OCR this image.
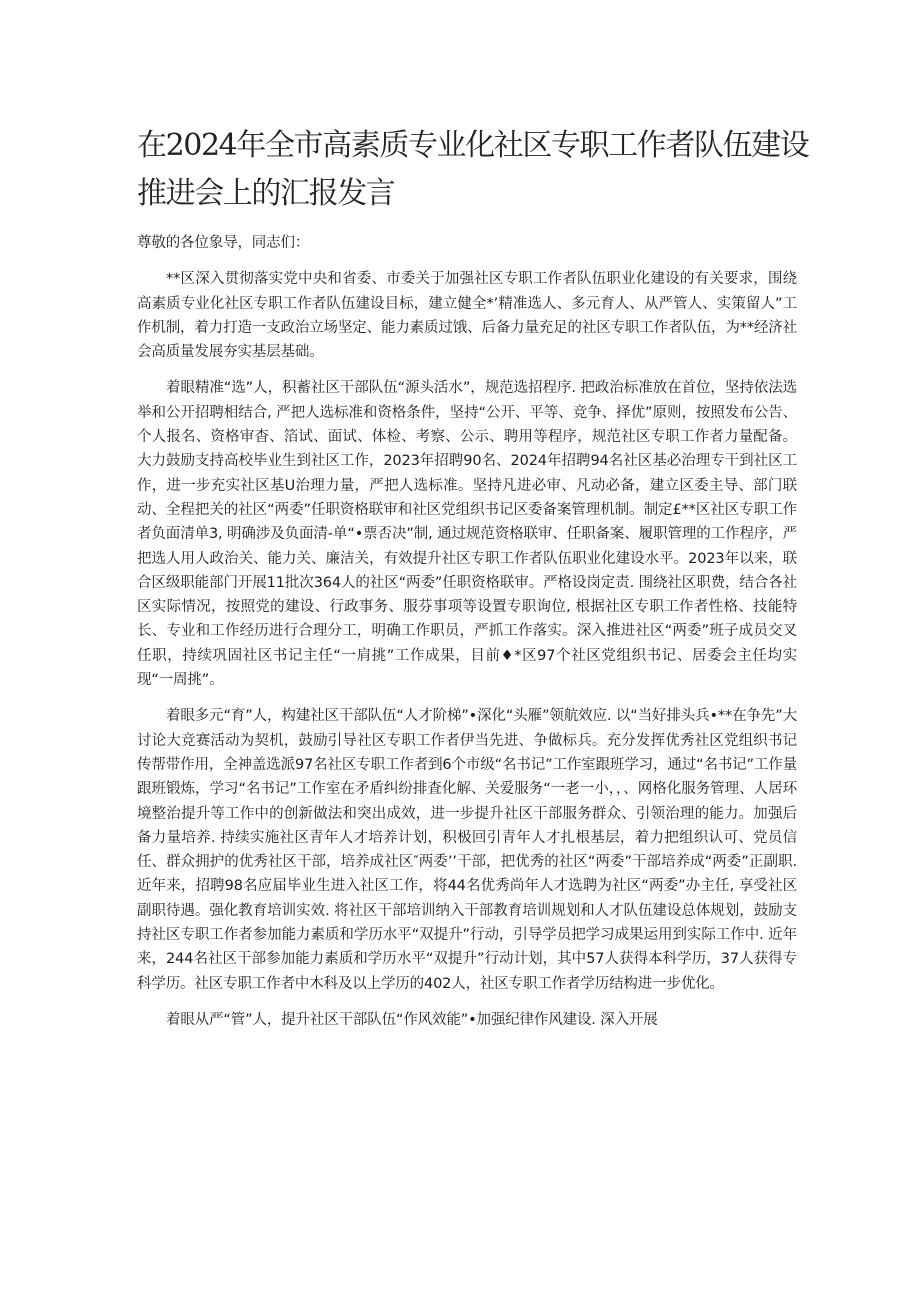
在2024年全市高素质专业化社区专职工作者队伍建设
推进会上的汇报发言

尊敬的各位象导，同志们：

**区深入贯彻落实党中央和省委、市委关于加强社区专职工作者队伍职业化建设的有关要求，围绕高素质专业化社区专职工作者队伍建设目标，建立健全*’精准选人、多元育人、从严管人、实策留人”工作机制，着力打造一支政治立场坚定、能力素质过饿、后备力量充足的社区专职工作者队伍，为**经济社会高质量发展夯实基层基础。

着眼精准“选”人，积蓄社区干部队伍“源头活水”，规范选招程序. 把政治标准放在首位，坚持依法选举和公开招聘相结合, 严把人选标准和资格条件，坚持“公开、平等、竞争、择优”原则，按照发布公告、个人报名、资格审杳、箔试、面试、体检、考察、公示、聘用等程序，规范社区专职工作者力量配备。大力鼓励支持高校毕业生到社区工作，2023年招聘90名、2024年招聘94名社区基必治理专干到社区工作，进一步充实社区基U治理力量，严把人选标准。坚持凡进必审、凡动必备，建立区委主导、部门联动、全程把关的社区“两委”任职资格联审和社区党组织书记区委备案管理机制。制定£**区社区专职工作者负面清单3, 明确涉及负面清-单“•票否决”制, 通过规范资格联审、任职备案、履职管理的工作程序，严把选人用人政治关、能力关、廉洁关，有效提升社区专职工作者队伍职业化建设水平。2023年以来，联合区级职能部门开展11批次364人的社区“两委”任职资格联审。严格设岗定责. 围绕社区职费，结合各社区实际情况，按照党的建设、行政事务、服芬事项等设置专职询位, 根据社区专职工作者性格、技能特长、专业和工作经历进行合理分工，明确工作职员，严抓工作落实。深入推进社区“两委”班子成员交叉任职，持续巩固社区书记主任“一肩挑”工作成果，目前♦*区97个社区党组织书记、居委会主任均实现“一周挑”。

着眼多元“育”人，构建社区干部队伍“人才阶梯”•深化“头雁”领航效应. 以“当好排头兵•**在争先”大讨论大竞赛活动为契机，鼓励引导社区专职工作者伊当先进、争做标兵。充分发挥优秀社区党组织书记传帮带作用，全神盖选派97名社区专职工作者到6个市级“名书记”工作室跟班学习，通过“名书记”工作量跟班锻炼，学习“名书记”工作室在矛盾纠纷排査化解、关爱服务“一老一小，，、网格化服务管理、人居环境整治提升等工作中的创新做法和突出成效，进一步提升社区干部服务群众、引领治理的能力。加强后备力量培养. 持续实施社区青年人才培养计划，积极回引青年人才扎根基层，着力把组织认可、党员信任、群众拥护的优秀社区干部，培养成社区″两委’’干部，把优秀的社区“两委”干部培养成“两委”正副职. 近年来，招聘98名应届毕业生进入社区工作，将44名优秀尚年人才选聘为社区“两委”办主任, 享受社区副职待遇。强化教育培训实效. 将社区干部培训纳入干部教育培训规划和人才队伍建设总体规划，鼓励支持社区专职工作者参加能力素质和学历水平“双提升”行动，引导学员把学习成果运用到实际工作中. 近年来，244名社区干部参加能力素质和学历水平“双提升”行动计划，其中57人获得本科学历，37人获得专科学历。社区专职工作者中木科及以上学历的402人，社区专职工作者学历结构进一步优化。

着眼从严“管”人，提升社区干部队伍“作风效能”•加强纪律作风建设. 深入开展
